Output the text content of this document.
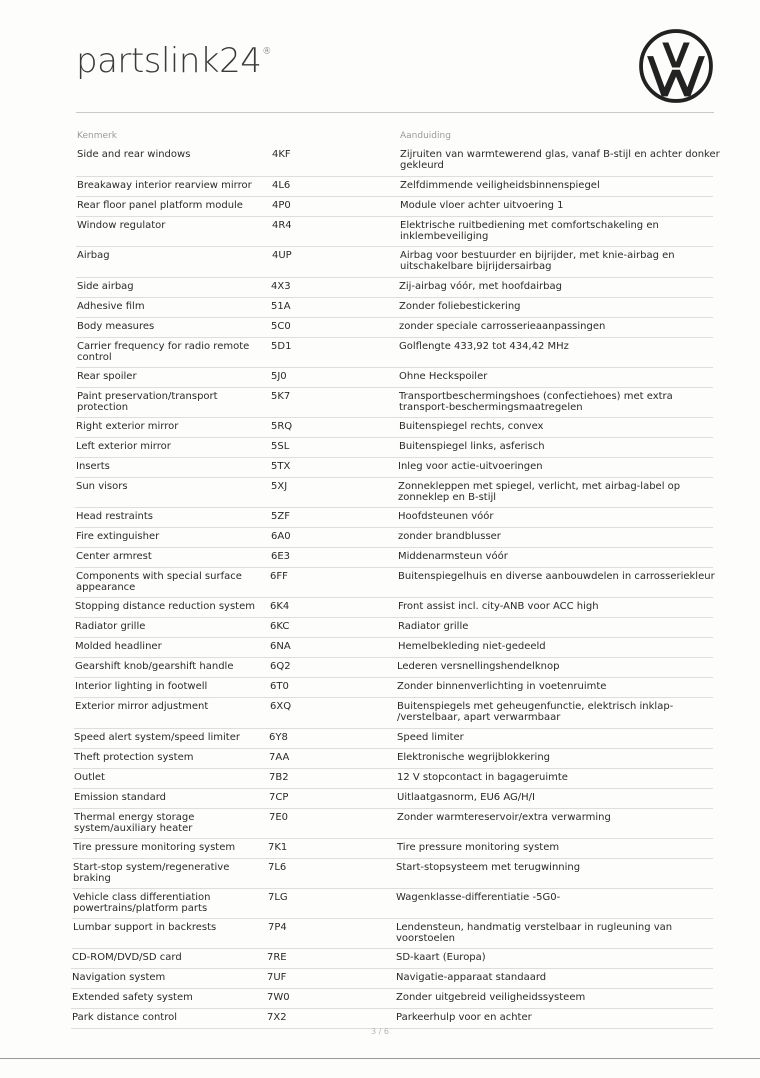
partslink24®
Kenmerk	Aanduiding
Side and rear windows	4KF	Zijruiten van warmtewerend glas, vanaf B-stijl en achter donker gekleurd
Breakaway interior rearview mirror	4L6	Zelfdimmende veiligheidsbinnenspiegel
Rear floor panel platform module	4P0	Module vloer achter uitvoering 1
Window regulator	4R4	Elektrische ruitbediening met comfortschakeling en inklembeveiliging
Airbag	4UP	Airbag voor bestuurder en bijrijder, met knie-airbag en uitschakelbare bijrijdersairbag
Side airbag	4X3	Zij-airbag vóór, met hoofdairbag
Adhesive film	51A	Zonder foliebestickering
Body measures	5C0	zonder speciale carrosserieaanpassingen
Carrier frequency for radio remote control
5D1	Golflengte 433,92 tot 434,42 MHz
Rear spoiler	5J0	Ohne Heckspoiler
Paint preservation/transport protection
5K7	Transportbeschermingshoes (confectiehoes) met extra transport-beschermingsmaatregelen
Right exterior mirror	5RQ	Buitenspiegel rechts, convex
Left exterior mirror	5SL	Buitenspiegel links, asferisch
Inserts	5TX	Inleg voor actie-uitvoeringen
Sun visors	5XJ	Zonnekleppen met spiegel, verlicht, met airbag-label op zonneklep en B-stijl
Head restraints	5ZF	Hoofdsteunen vóór
Fire extinguisher	6A0	zonder brandblusser
Center armrest	6E3	Middenarmsteun vóór
Components with special surface appearance
6FF	Buitenspiegelhuis en diverse aanbouwdelen in carrosseriekleur
Stopping distance reduction system 6K4	Front assist incl. city-ANB voor ACC high
Radiator grille	6KC	Radiator grille
Molded headliner	6NA	Hemelbekleding niet-gedeeld
Gearshift knob/gearshift handle	6Q2	Lederen versnellingshendelknop
Interior lighting in footwell	6T0	Zonder binnenverlichting in voetenruimte
Exterior mirror adjustment	6XQ	Buitenspiegels met geheugenfunctie, elektrisch inklap- /verstelbaar, apart verwarmbaar
Speed alert system/speed limiter	6Y8	Speed limiter
Theft protection system	7AA	Elektronische wegrijblokkering
Outlet	7B2	12 V stopcontact in bagageruimte
Emission standard	7CP	Uitlaatgasnorm, EU6 AG/H/I
Thermal energy storage system/auxiliary heater
7E0	Zonder warmtereservoir/extra verwarming
Tire pressure monitoring system	7K1	Tire pressure monitoring system
Start-stop system/regenerative braking
7L6	Start-stopsysteem met terugwinning
Vehicle class differentiation powertrains/platform parts
7LG	Wagenklasse-differentiatie -5G0-
Lumbar support in backrests	7P4	Lendensteun, handmatig verstelbaar in rugleuning van voorstoelen
CD-ROM/DVD/SD card	7RE	SD-kaart (Europa)
Navigation system	7UF	Navigatie-apparaat standaard
Extended safety system	7W0	Zonder uitgebreid veiligheidssysteem
Park distance control	7X2	Parkeerhulp voor en achter
3 / 6
